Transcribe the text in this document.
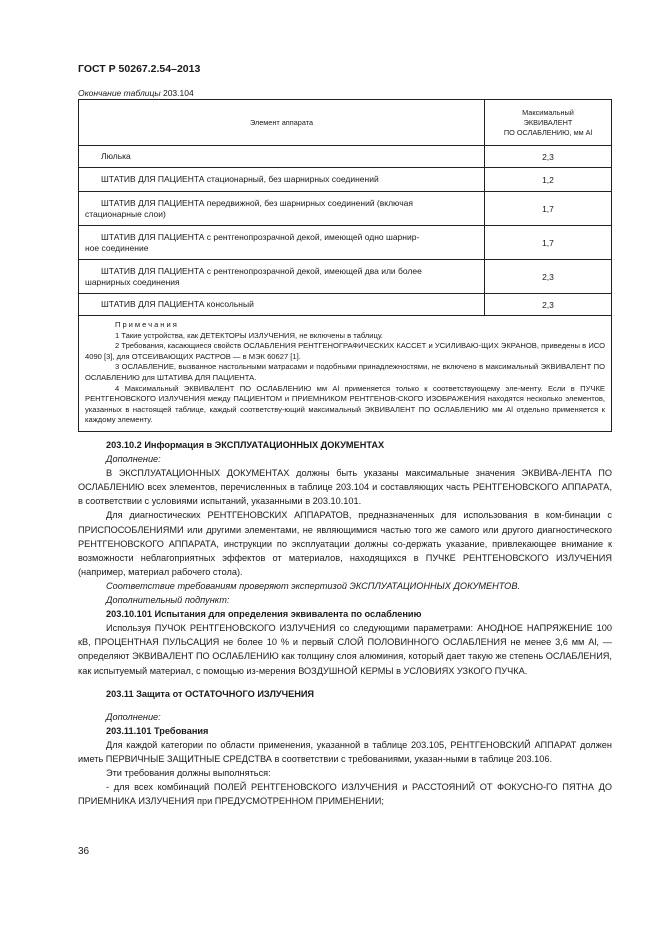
ГОСТ Р 50267.2.54–2013
Окончание таблицы 203.104
Элемент аппарата	Максимальный
ЭКВИВАЛЕНТ
ПО ОСЛАБЛЕНИЮ, мм Al

Люлька	2,3
ШТАТИВ ДЛЯ ПАЦИЕНТА стационарный, без шарнирных соединений	1,2

ШТАТИВ ДЛЯ ПАЦИЕНТА передвижной, без шарнирных соединений (включая
стационарные слои)	1,7

ШТАТИВ ДЛЯ ПАЦИЕНТА с рентгенопрозрачной декой, имеющей одно шарнир-
ное соединение	1,7

ШТАТИВ ДЛЯ ПАЦИЕНТА с рентгенопрозрачной декой, имеющей два или более
шарнирных соединения	2,3
ШТАТИВ ДЛЯ ПАЦИЕНТА консольный	2,3

Примечания

1 Такие устройства, как ДЕТЕКТОРЫ ИЗЛУЧЕНИЯ, не включены в таблицу.

2 Требования, касающиеся свойств ОСЛАБЛЕНИЯ РЕНТГЕНОГРАФИЧЕСКИХ КАССЕТ и УСИЛИВАЮ-ЩИХ ЭКРАНОВ, приведены в ИСО 4090 [3], для ОТСЕИВАЮЩИХ РАСТРОВ — в МЭК 60627 [1].

3 ОСЛАБЛЕНИЕ, вызванное настольными матрасами и подобными принадлежностями, не включено в максимальный ЭКВИВАЛЕНТ ПО ОСЛАБЛЕНИЮ для ШТАТИВА ДЛЯ ПАЦИЕНТА.

4 Максимальный ЭКВИВАЛЕНТ ПО ОСЛАБЛЕНИЮ мм Al применяется только к соответствующему эле-менту. Если в ПУЧКЕ РЕНТГЕНОВСКОГО ИЗЛУЧЕНИЯ между ПАЦИЕНТОМ и ПРИЕМНИКОМ РЕНТГЕНОВ-СКОГО ИЗОБРАЖЕНИЯ находятся несколько элементов, указанных в настоящей таблице, каждый соответству-ющий максимальный ЭКВИВАЛЕНТ ПО ОСЛАБЛЕНИЮ мм Al отдельно применяется к каждому элементу.	

203.10.2 Информация в ЭКСПЛУАТАЦИОННЫХ ДОКУМЕНТАХ

Дополнение:

В ЭКСПЛУАТАЦИОННЫХ ДОКУМЕНТАХ должны быть указаны максимальные значения ЭКВИВА-ЛЕНТА ПО ОСЛАБЛЕНИЮ всех элементов, перечисленных в таблице 203.104 и составляющих часть РЕНТГЕНОВСКОГО АППАРАТА, в соответствии с условиями испытаний, указанными в 203.10.101.

Для диагностических РЕНТГЕНОВСКИХ АППАРАТОВ, предназначенных для использования в ком-бинации с ПРИСПОСОБЛЕНИЯМИ или другими элементами, не являющимися частью того же самого или другого диагностического РЕНТГЕНОВСКОГО АППАРАТА, инструкции по эксплуатации должны со-держать указание, привлекающее внимание к возможности неблагоприятных эффектов от материалов, находящихся в ПУЧКЕ РЕНТГЕНОВСКОГО ИЗЛУЧЕНИЯ (например, материал рабочего стола).

Соответствие требованиям проверяют экспертизой ЭКСПЛУАТАЦИОННЫХ ДОКУМЕНТОВ.

Дополнительный подпункт:

203.10.101 Испытания для определения эквивалента по ослаблению

Используя ПУЧОК РЕНТГЕНОВСКОГО ИЗЛУЧЕНИЯ со следующими параметрами: АНОДНОЕ НАПРЯЖЕНИЕ 100 кВ, ПРОЦЕНТНАЯ ПУЛЬСАЦИЯ не более 10 % и первый СЛОЙ ПОЛОВИННОГО ОСЛАБЛЕНИЯ не менее 3,6 мм Al, — определяют ЭКВИВАЛЕНТ ПО ОСЛАБЛЕНИЮ как толщину слоя алюминия, который дает такую же степень ОСЛАБЛЕНИЯ, как испытуемый материал, с помощью из-мерения ВОЗДУШНОЙ КЕРМЫ в УСЛОВИЯХ УЗКОГО ПУЧКА.

203.11 Защита от ОСТАТОЧНОГО ИЗЛУЧЕНИЯ

Дополнение:

203.11.101 Требования

Для каждой категории по области применения, указанной в таблице 203.105, РЕНТГЕНОВСКИЙ АППАРАТ должен иметь ПЕРВИЧНЫЕ ЗАЩИТНЫЕ СРЕДСТВА в соответствии с требованиями, указан-ными в таблице 203.106.

Эти требования должны выполняться:

- для всех комбинаций ПОЛЕЙ РЕНТГЕНОВСКОГО ИЗЛУЧЕНИЯ и РАССТОЯНИЙ ОТ ФОКУСНО-ГО ПЯТНА ДО ПРИЕМНИКА ИЗЛУЧЕНИЯ при ПРЕДУСМОТРЕННОМ ПРИМЕНЕНИИ;

36
